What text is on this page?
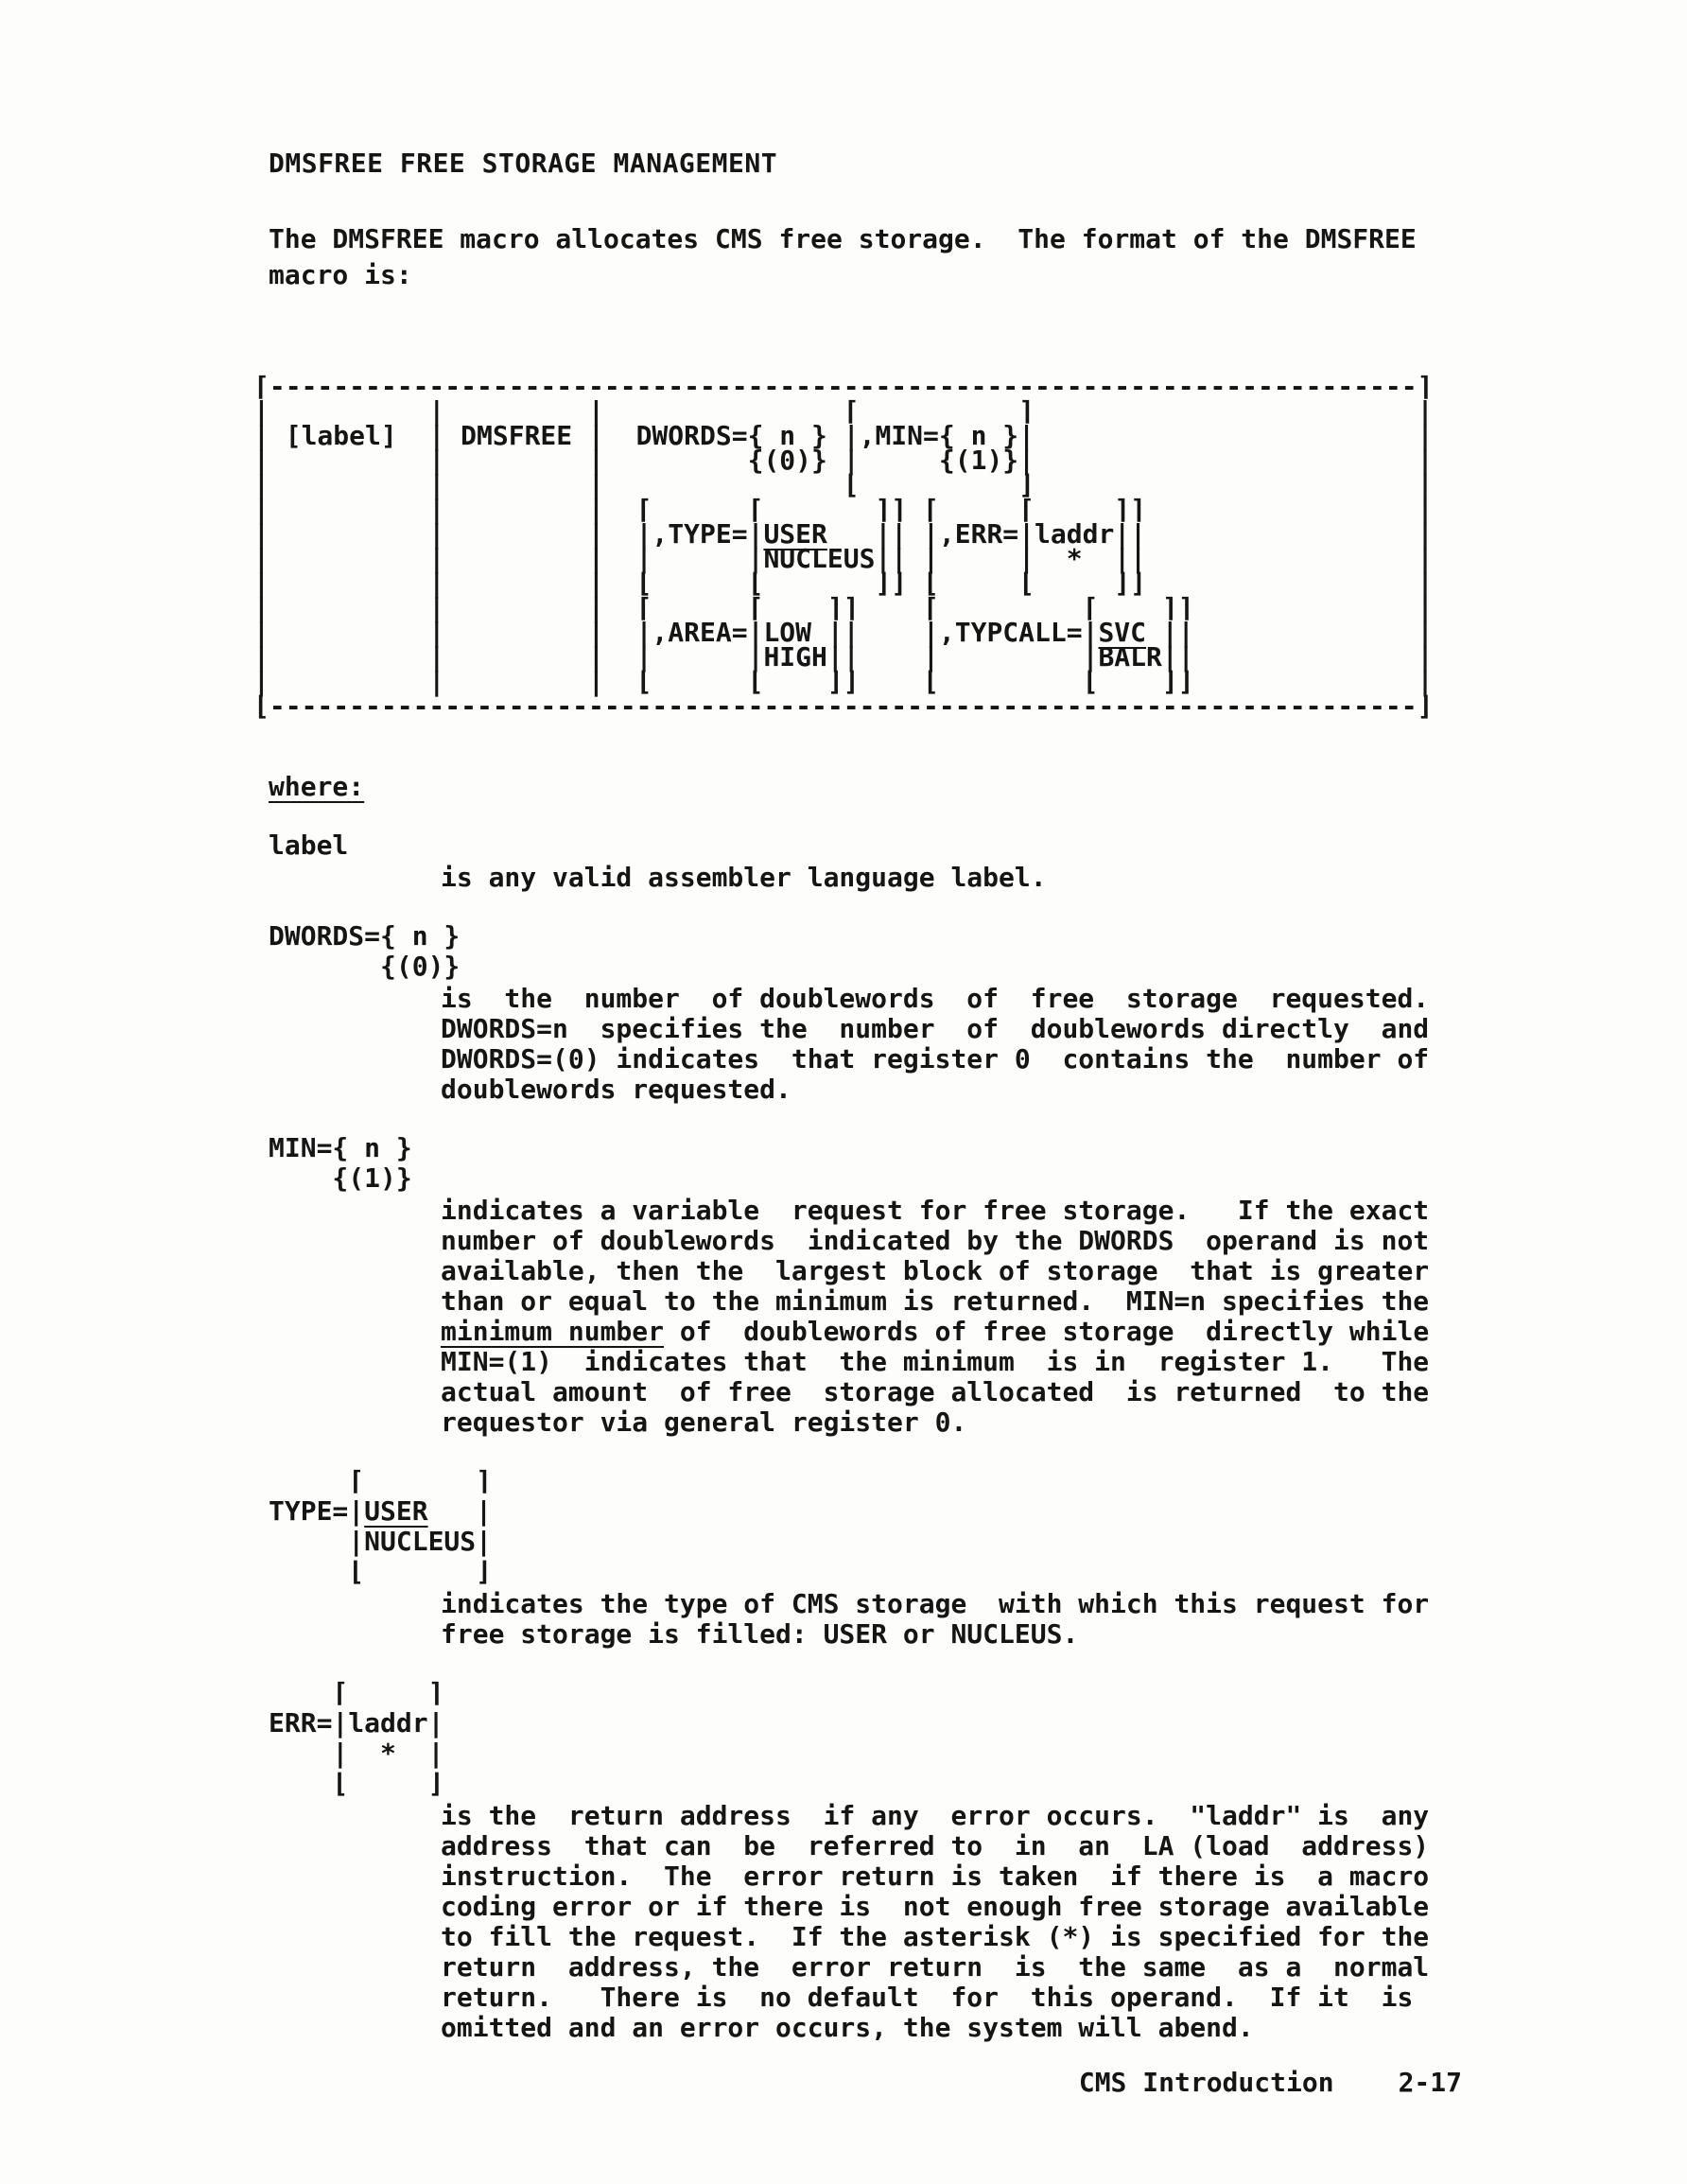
DMSFREE FREE STORAGE MANAGEMENT
The DMSFREE macro allocates CMS free storage.  The format of the DMSFREE
macro is:
⌈------------------------------------------------------------------------⌉
|          |         |               ⌈          ⌉                        |
| [label]  | DMSFREE |  DWORDS={ n } |,MIN={ n }|                        |
|          |         |         {(0)} |     {(1)}|                        |
|          |         |               ⌊          ⌋                        |
|          |         |  ⌈      ⌈       ⌉⌉ ⌈     ⌈     ⌉⌉                 |
|          |         |  |,TYPE=|USER   || |,ERR=|laddr||                 |
|          |         |  |      |NUCLEUS|| |     |  *  ||                 |
|          |         |  ⌊      ⌊       ⌋⌋ ⌊     ⌊     ⌋⌋                 |
|          |         |  ⌈      ⌈    ⌉⌉    ⌈         ⌈    ⌉⌉              |
|          |         |  |,AREA=|LOW ||    |,TYPCALL=|SVC ||              |
|          |         |  |      |HIGH||    |         |BALR||              |
|          |         |  ⌊      ⌊    ⌋⌋    ⌊         ⌊    ⌋⌋              |
⌊------------------------------------------------------------------------⌋
where:
label
is any valid assembler language label.
DWORDS={ n }
{(0)}
is  the  number  of doublewords  of  free  storage  requested.
DWORDS=n  specifies the  number  of  doublewords directly  and
DWORDS=(0) indicates  that register 0  contains the  number of
doublewords requested.
MIN={ n }
{(1)}
indicates a variable  request for free storage.   If the exact
number of doublewords  indicated by the DWORDS  operand is not
available, then the  largest block of storage  that is greater
than or equal to the minimum is returned.  MIN=n specifies the
minimum number of  doublewords of free storage  directly while
MIN=(1)  indicates that  the minimum  is in  register 1.   The
actual amount  of free  storage allocated  is returned  to the
requestor via general register 0.
⌈       ⌉
TYPE=|USER   |
|NUCLEUS|
⌊       ⌋
indicates the type of CMS storage  with which this request for
free storage is filled: USER or NUCLEUS.
⌈     ⌉
ERR=|laddr|
|  *  |
⌊     ⌋
is the  return address  if any  error occurs.  "laddr" is  any
address  that can  be  referred to  in  an  LA (load  address)
instruction.  The  error return is taken  if there is  a macro
coding error or if there is  not enough free storage available
to fill the request.  If the asterisk (*) is specified for the
return  address, the  error return  is  the same  as a  normal
return.   There is  no default  for  this operand.  If it  is
omitted and an error occurs, the system will abend.
CMS Introduction 2-17
